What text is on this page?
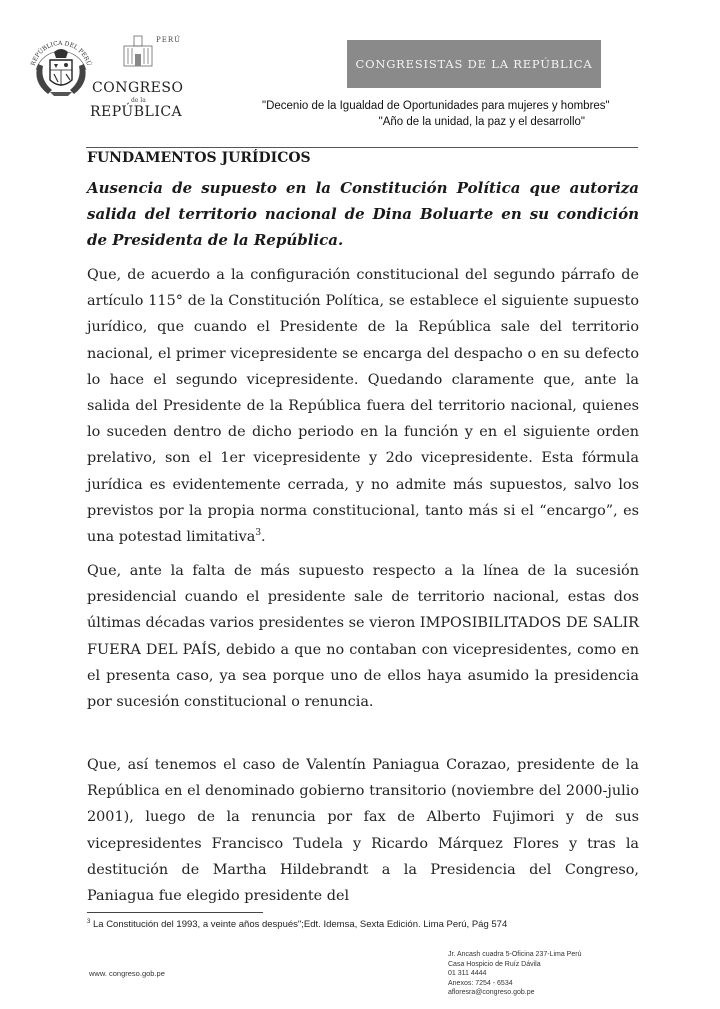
REPÚBLICA DEL PERÚ
PERÚ
CONGRESO
de la
REPÚBLICA
CONGRESISTAS DE LA REPÚBLICA
"Decenio de la Igualdad de Oportunidades para mujeres y hombres"
"Año de la unidad, la paz y el desarrollo"
FUNDAMENTOS JURÍDICOS
Ausencia de supuesto en la Constitución Política que autoriza salida del territorio nacional de Dina Boluarte en su condición de Presidenta de la República.

Que, de acuerdo a la configuración constitucional del segundo párrafo de artículo 115° de la Constitución Política, se establece el siguiente supuesto jurídico, que cuando el Presidente de la República sale del territorio nacional, el primer vicepresidente se encarga del despacho o en su defecto lo hace el segundo vicepresidente. Quedando claramente que, ante la salida del Presidente de la República fuera del territorio nacional, quienes lo suceden dentro de dicho periodo en la función y en el siguiente orden prelativo, son el 1er vicepresidente y 2do vicepresidente. Esta fórmula jurídica es evidentemente cerrada, y no admite más supuestos, salvo los previstos por la propia norma constitucional, tanto más si el “encargo”, es una potestad limitativa$^3$.

Que, ante la falta de más supuesto respecto a la línea de la sucesión presidencial cuando el presidente sale de territorio nacional, estas dos últimas décadas varios presidentes se vieron IMPOSIBILITADOS DE SALIR FUERA DEL PAÍS, debido a que no contaban con vicepresidentes, como en el presenta caso, ya sea porque uno de ellos haya asumido la presidencia por sucesión constitucional o renuncia.

Que, así tenemos el caso de Valentín Paniagua Corazao, presidente de la República en el denominado gobierno transitorio (noviembre del 2000-julio 2001), luego de la renuncia por fax de Alberto Fujimori y de sus vicepresidentes Francisco Tudela y Ricardo Márquez Flores y tras la destitución de Martha Hildebrandt a la Presidencia del Congreso, Paniagua fue elegido presidente del

$^3$ La Constitución del 1993, a veinte años después";Edt. Idemsa, Sexta Edición. Lima Perú, Pág 574
www. congreso.gob.pe
Jr. Ancash cuadra 5-Oficina 237-Lima Perú
Casa Hospicio de Ruíz Dávila
01 311 4444
Anexos: 7254 - 6534
afloresra@congreso.gob.pe
